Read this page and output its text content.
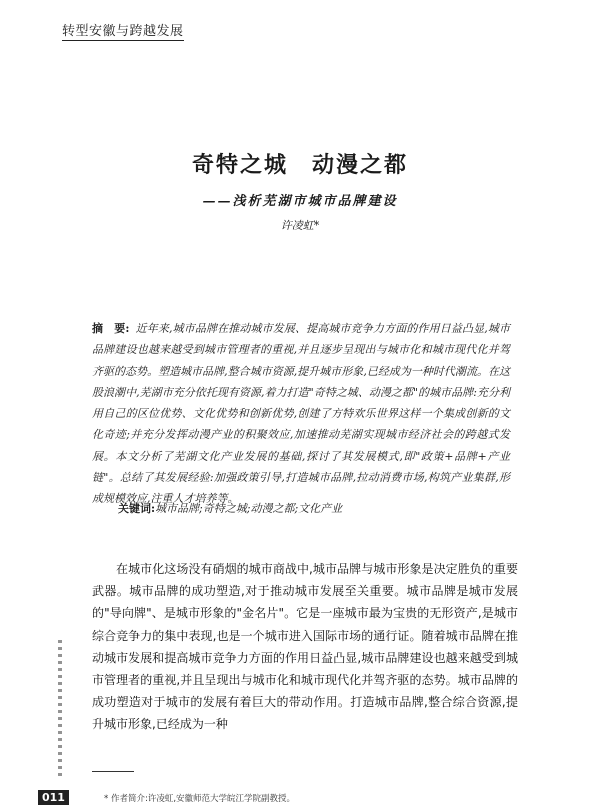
转型安徽与跨越发展
奇特之城 动漫之都
——浅析芜湖市城市品牌建设
许凌虹*
摘　要: 近年来,城市品牌在推动城市发展、提高城市竞争力方面的作用日益凸显,城市品牌建设也越来越受到城市管理者的重视,并且逐步呈现出与城市化和城市现代化并驾齐驱的态势。塑造城市品牌,整合城市资源,提升城市形象,已经成为一种时代潮流。在这股浪潮中,芜湖市充分依托现有资源,着力打造"奇特之城、动漫之都"的城市品牌:充分利用自己的区位优势、文化优势和创新优势,创建了方特欢乐世界这样一个集成创新的文化奇迹;并充分发挥动漫产业的积聚效应,加速推动芜湖实现城市经济社会的跨越式发展。本文分析了芜湖文化产业发展的基础,探讨了其发展模式,即"政策+品牌+产业链"。总结了其发展经验:加强政策引导,打造城市品牌,拉动消费市场,构筑产业集群,形成规模效应,注重人才培养等。
关键词:城市品牌;奇特之城;动漫之都;文化产业
在城市化这场没有硝烟的城市商战中,城市品牌与城市形象是决定胜负的重要武器。城市品牌的成功塑造,对于推动城市发展至关重要。城市品牌是城市发展的"导向牌"、是城市形象的"金名片"。它是一座城市最为宝贵的无形资产,是城市综合竞争力的集中表现,也是一个城市进入国际市场的通行证。随着城市品牌在推动城市发展和提高城市竞争力方面的作用日益凸显,城市品牌建设也越来越受到城市管理者的重视,并且呈现出与城市化和城市现代化并驾齐驱的态势。城市品牌的成功塑造对于城市的发展有着巨大的带动作用。打造城市品牌,整合综合资源,提升城市形象,已经成为一种
* 作者简介:许凌虹,安徽师范大学皖江学院副教授。
011
